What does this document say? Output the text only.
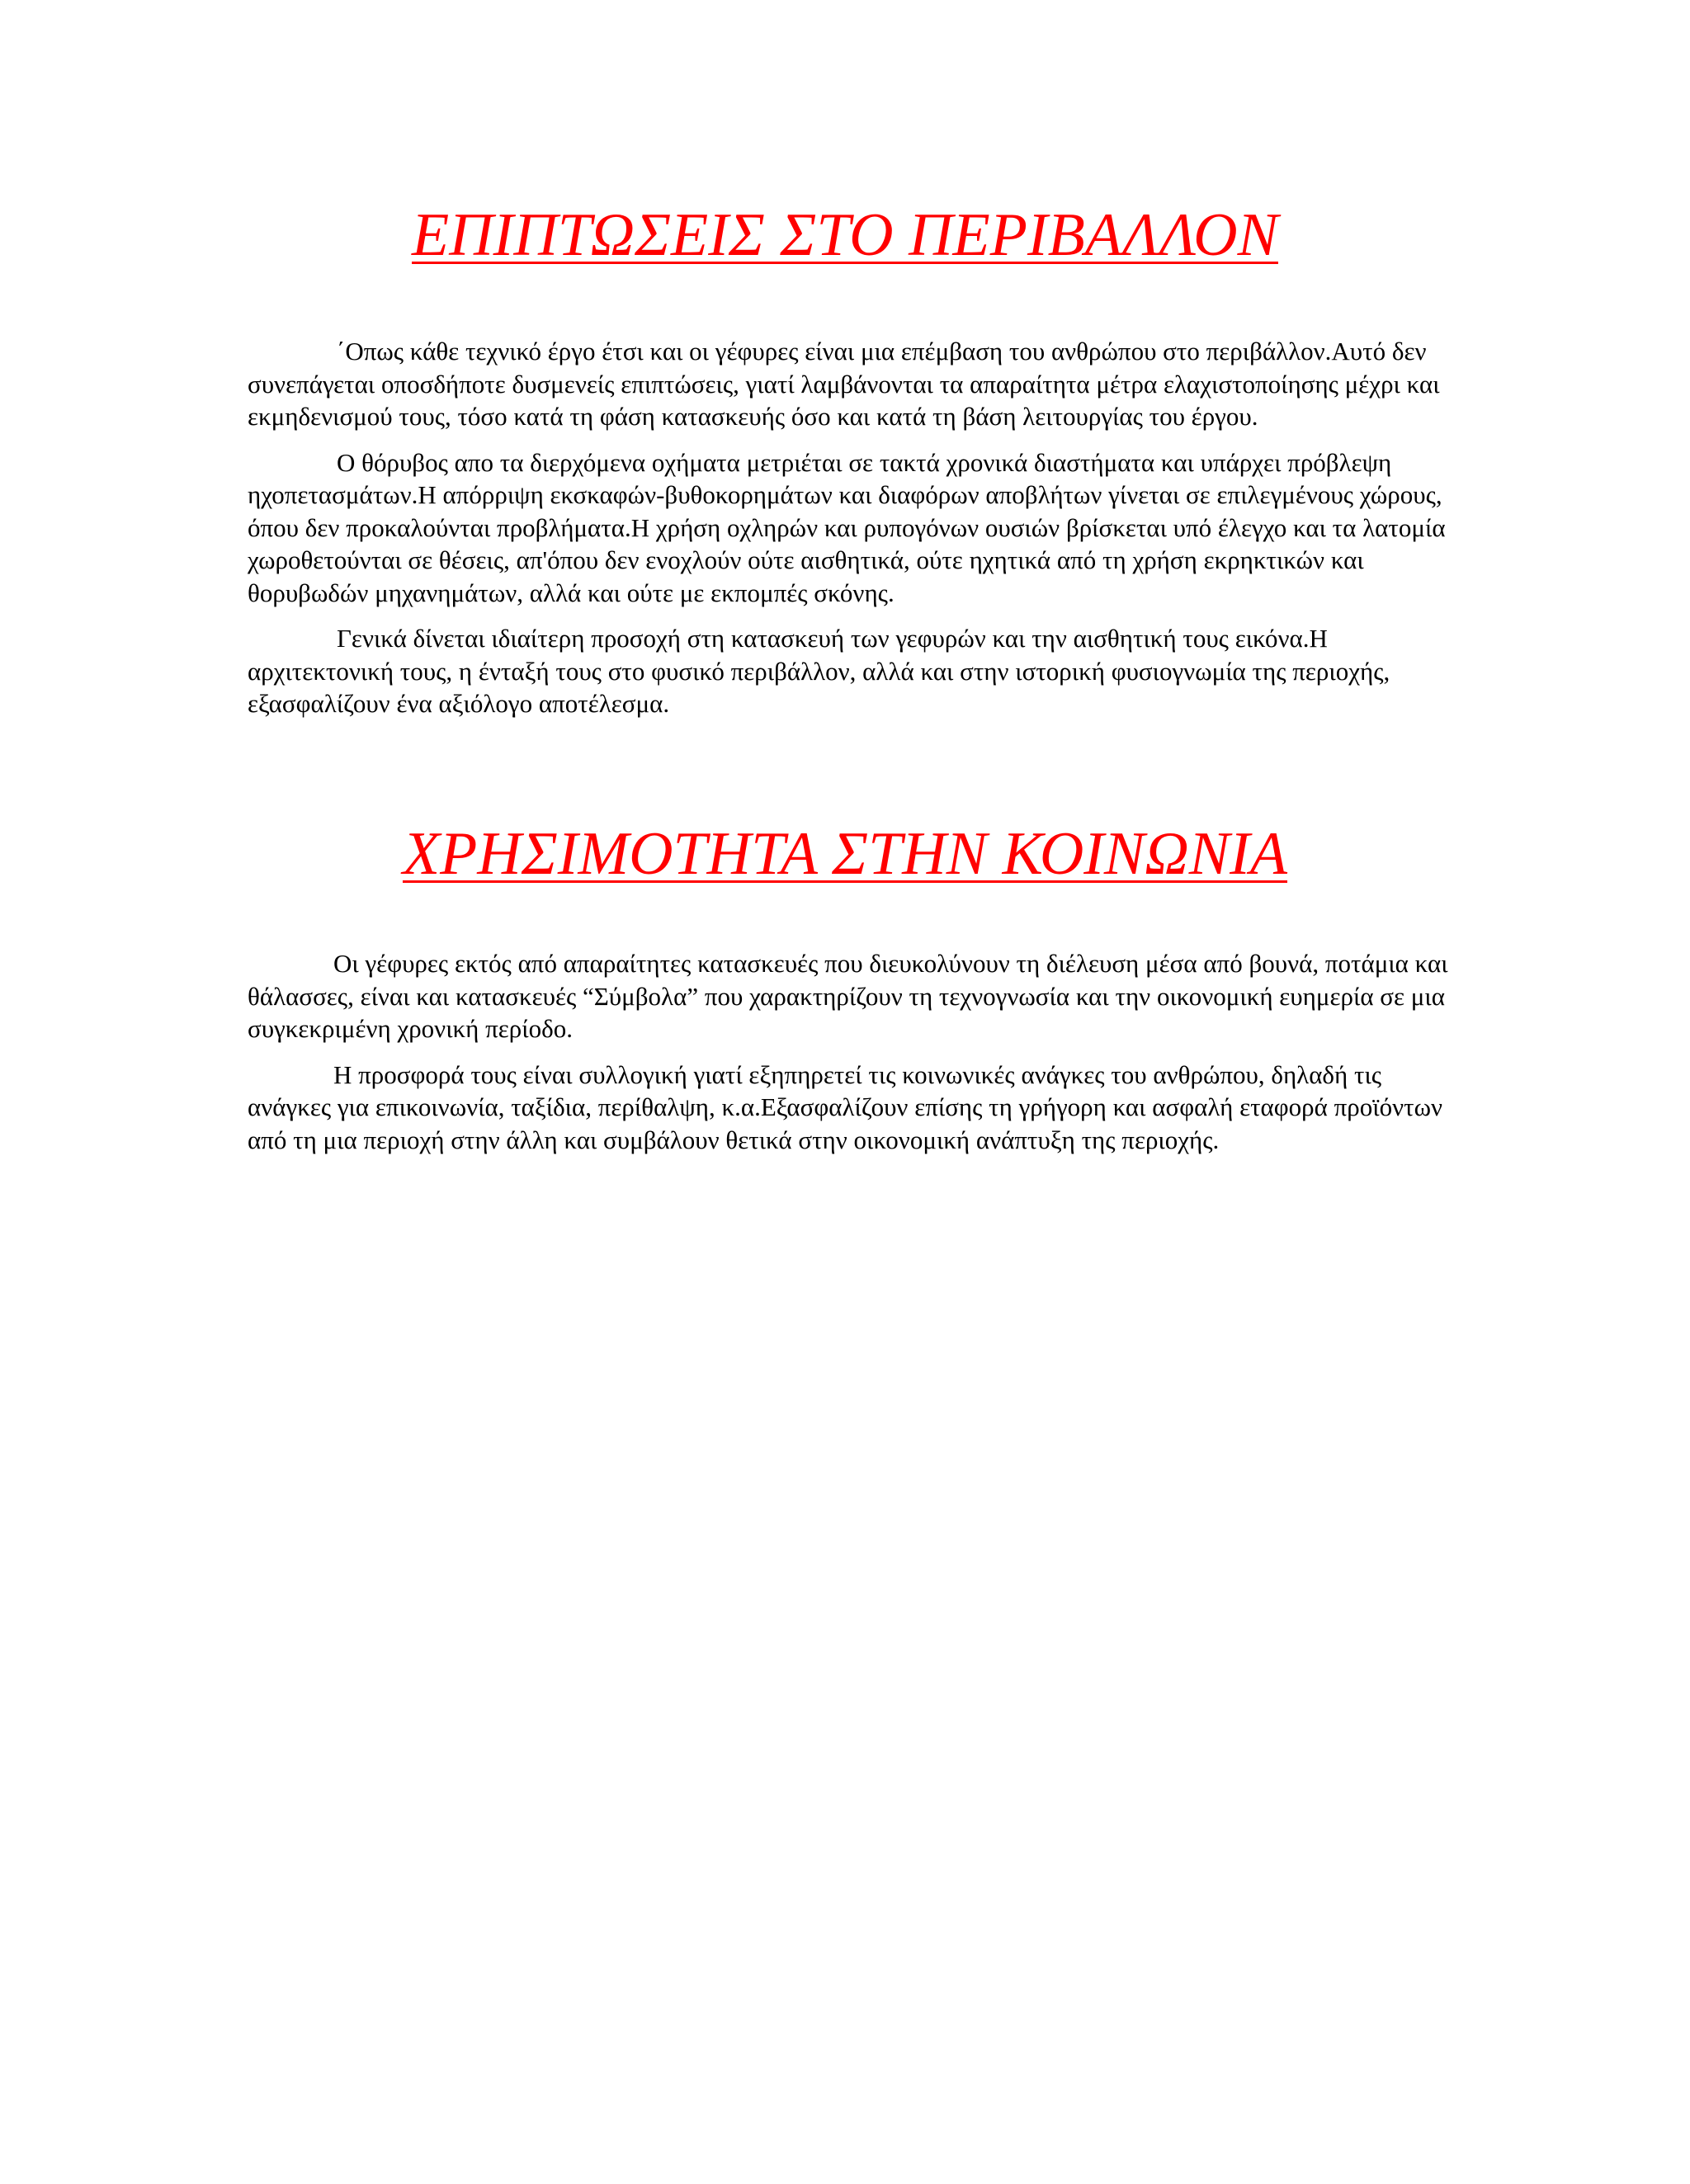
ΕΠΙΠΤΩΣΕΙΣ ΣΤΟ ΠΕΡΙΒΑΛΛΟΝ

΄Οπως κάθε τεχνικό έργο έτσι και οι γέφυρες είναι μια επέμβαση του ανθρώπου στο περιβάλλον.Αυτό δεν συνεπάγεται οποσδήποτε δυσμενείς επιπτώσεις, γιατί λαμβάνονται τα απαραίτητα μέτρα ελαχιστοποίησης μέχρι και εκμηδενισμού τους, τόσο κατά τη φάση κατασκευής όσο και κατά τη βάση λειτουργίας του έργου.

Ο θόρυβος απο τα διερχόμενα οχήματα μετριέται σε τακτά χρονικά διαστήματα και υπάρχει πρόβλεψη ηχοπετασμάτων.Η απόρριψη εκσκαφών-βυθοκορημάτων και διαφόρων αποβλήτων γίνεται σε επιλεγμένους χώρους, όπου δεν προκαλούνται προβλήματα.Η χρήση οχληρών και ρυπογόνων ουσιών βρίσκεται υπό έλεγχο και τα λατομία χωροθετούνται σε θέσεις, απ'όπου δεν ενοχλούν ούτε αισθητικά, ούτε ηχητικά από τη χρήση εκρηκτικών και θορυβωδών μηχανημάτων, αλλά και ούτε με εκπομπές σκόνης.

Γενικά δίνεται ιδιαίτερη προσοχή στη κατασκευή των γεφυρών και την αισθητική τους εικόνα.Η αρχιτεκτονική τους, η ένταξή τους στο φυσικό περιβάλλον, αλλά και στην ιστορική φυσιογνωμία της περιοχής, εξασφαλίζουν ένα αξιόλογο αποτέλεσμα.

ΧΡΗΣΙΜΟΤΗΤΑ ΣΤΗΝ ΚΟΙΝΩΝΙΑ

Οι γέφυρες εκτός από απαραίτητες κατασκευές που διευκολύνουν τη διέλευση μέσα από βουνά, ποτάμια και θάλασσες, είναι και κατασκευές “Σύμβολα” που χαρακτηρίζουν τη τεχνογνωσία και την οικονομική ευημερία σε μια συγκεκριμένη χρονική περίοδο.

Η προσφορά τους είναι συλλογική γιατί εξηπηρετεί τις κοινωνικές ανάγκες του ανθρώπου, δηλαδή τις ανάγκες για επικοινωνία, ταξίδια, περίθαλψη, κ.α.Εξασφαλίζουν επίσης τη γρήγορη και ασφαλή εταφορά προϊόντων από τη μια περιοχή στην άλλη και συμβάλουν θετικά στην οικονομική ανάπτυξη της περιοχής.
